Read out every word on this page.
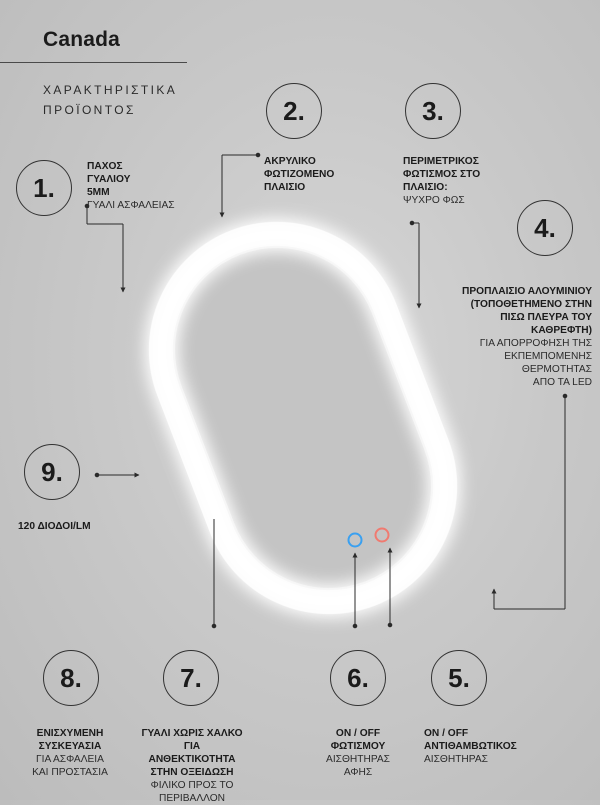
Canada
ΧΑΡΑΚΤΗΡΙΣΤΙΚΑ
ΠΡΟΪΟΝΤΟΣ
1.
ΠΑΧΟΣ
ΓΥΑΛΙΟΥ
5MM
ΓΥΑΛΙ ΑΣΦΑΛΕΙΑΣ
2.
ΑΚΡΥΛΙΚΟ
ΦΩΤΙΖΟΜΕΝΟ
ΠΛΑΙΣΙΟ
3.
ΠΕΡΙΜΕΤΡΙΚΟΣ
ΦΩΤΙΣΜΟΣ ΣΤΟ
ΠΛΑΙΣΙΟ:
ΨΥΧΡΟ ΦΩΣ
4.
ΠΡΟΠΛΑΙΣΙΟ ΑΛΟΥΜΙΝΙΟΥ
(ΤΟΠΟΘΕΤΗΜΕΝΟ ΣΤΗΝ
ΠΙΣΩ ΠΛΕΥΡΑ ΤΟΥ
ΚΑΘΡΕΦΤΗ)
ΓΙΑ ΑΠΟΡΡΟΦΗΣΗ ΤΗΣ
ΕΚΠΕΜΠΟΜΕΝΗΣ
ΘΕΡΜΟΤΗΤΑΣ
ΑΠΟ ΤΑ LED
9.
120 ΔΙΟΔΟΙ/LM
8.
ΕΝΙΣΧΥΜΕΝΗ
ΣΥΣΚΕΥΑΣΙΑ
ΓΙΑ ΑΣΦΑΛΕΙΑ
ΚΑΙ ΠΡΟΣΤΑΣΙΑ
7.
ΓΥΑΛΙ ΧΩΡΙΣ ΧΑΛΚΟ
ΓΙΑ ΑΝΘΕΚΤΙΚΟΤΗΤΑ
ΣΤΗΝ ΟΞΕΙΔΩΣΗ
ΦΙΛΙΚΟ ΠΡΟΣ ΤΟ
ΠΕΡΙΒΑΛΛΟΝ
6.
ON / OFF
ΦΩΤΙΣΜΟΥ
ΑΙΣΘΗΤΗΡΑΣ
ΑΦΗΣ
5.
ON / OFF
ΑΝΤΙΘΑΜΒΩΤΙΚΟΣ
ΑΙΣΘΗΤΗΡΑΣ
